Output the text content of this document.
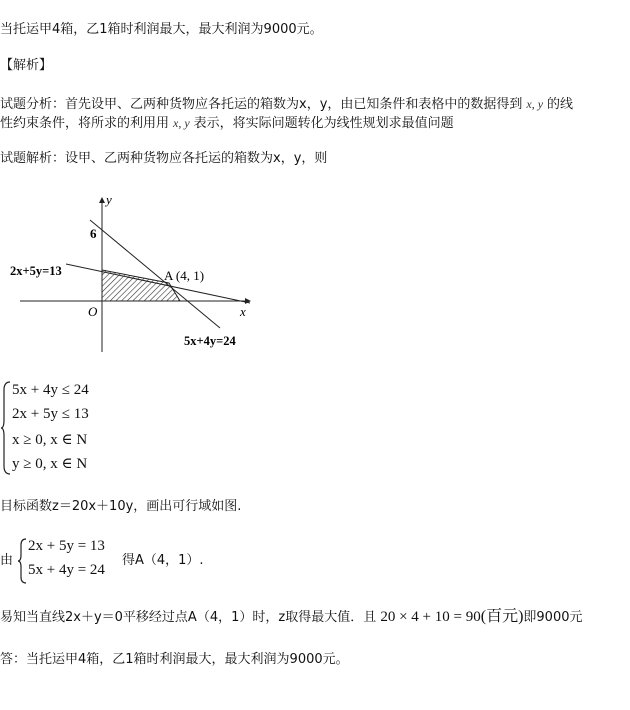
当托运甲4箱，乙1箱时利润最大，最大利润为9000元。
【解析】
试题分析：首先设甲、乙两种货物应各托运的箱数为x，y，由已知条件和表格中的数据得到 x, y 的线
性约束条件，将所求的利用用 x, y 表示，将实际问题转化为线性规划求最值问题
试题解析：设甲、乙两种货物应各托运的箱数为x，y，则
y
x
O
6
2x+5y=13
5x+4y=24
A (4, 1)
5x + 4y ≤ 24
2x + 5y ≤ 13
x ≥ 0, x ∈ N
y ≥ 0, x ∈ N
目标函数z＝20x＋10y，画出可行域如图.
由
2x + 5y = 13
5x + 4y = 24
得A（4，1）.
易知当直线2x＋y＝0平移经过点A（4，1）时，z取得最大值．且 20 × 4 + 10 = 90(百元)即9000元
答：当托运甲4箱，乙1箱时利润最大，最大利润为9000元。
